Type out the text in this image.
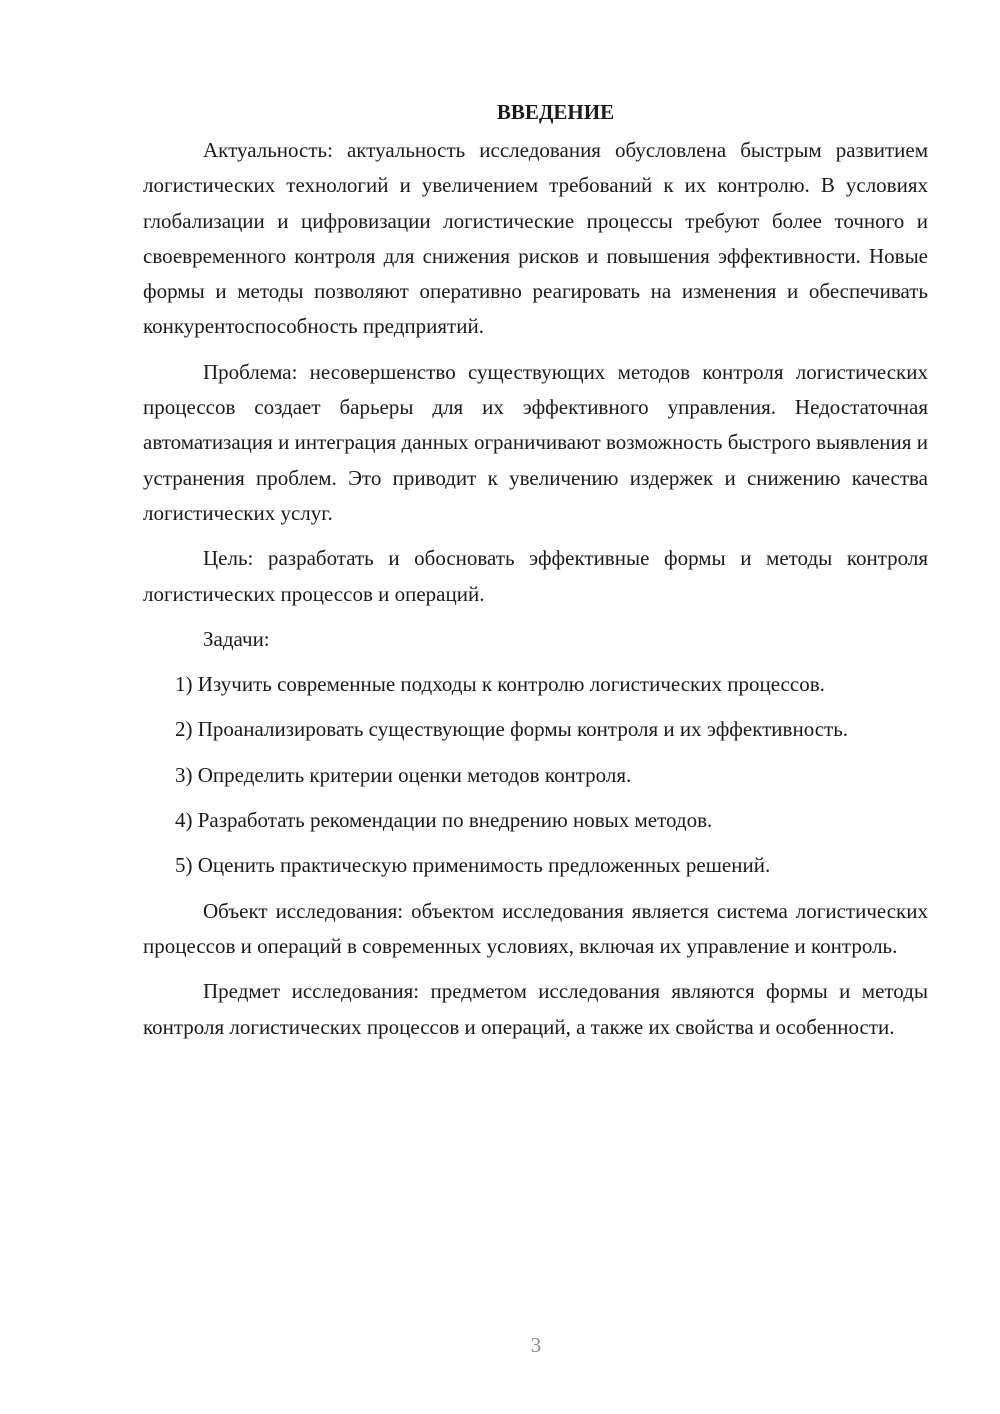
ВВЕДЕНИЕ

Актуальность: актуальность исследования обусловлена быстрым развитием логистических технологий и увеличением требований к их контролю. В условиях глобализации и цифровизации логистические процессы требуют более точного и своевременного контроля для снижения рисков и повышения эффективности. Новые формы и методы позволяют оперативно реагировать на изменения и обеспечивать конкурентоспособность предприятий.

Проблема: несовершенство существующих методов контроля логистических процессов создает барьеры для их эффективного управления. Недостаточная автоматизация и интеграция данных ограничивают возможность быстрого выявления и устранения проблем. Это приводит к увеличению издержек и снижению качества логистических услуг.

Цель: разработать и обосновать эффективные формы и методы контроля логистических процессов и операций.

Задачи:

1) Изучить современные подходы к контролю логистических процессов.

2) Проанализировать существующие формы контроля и их эффективность.

3) Определить критерии оценки методов контроля.

4) Разработать рекомендации по внедрению новых методов.

5) Оценить практическую применимость предложенных решений.

Объект исследования: объектом исследования является система логистических процессов и операций в современных условиях, включая их управление и контроль.

Предмет исследования: предметом исследования являются формы и методы контроля логистических процессов и операций, а также их свойства и особенности.

3
